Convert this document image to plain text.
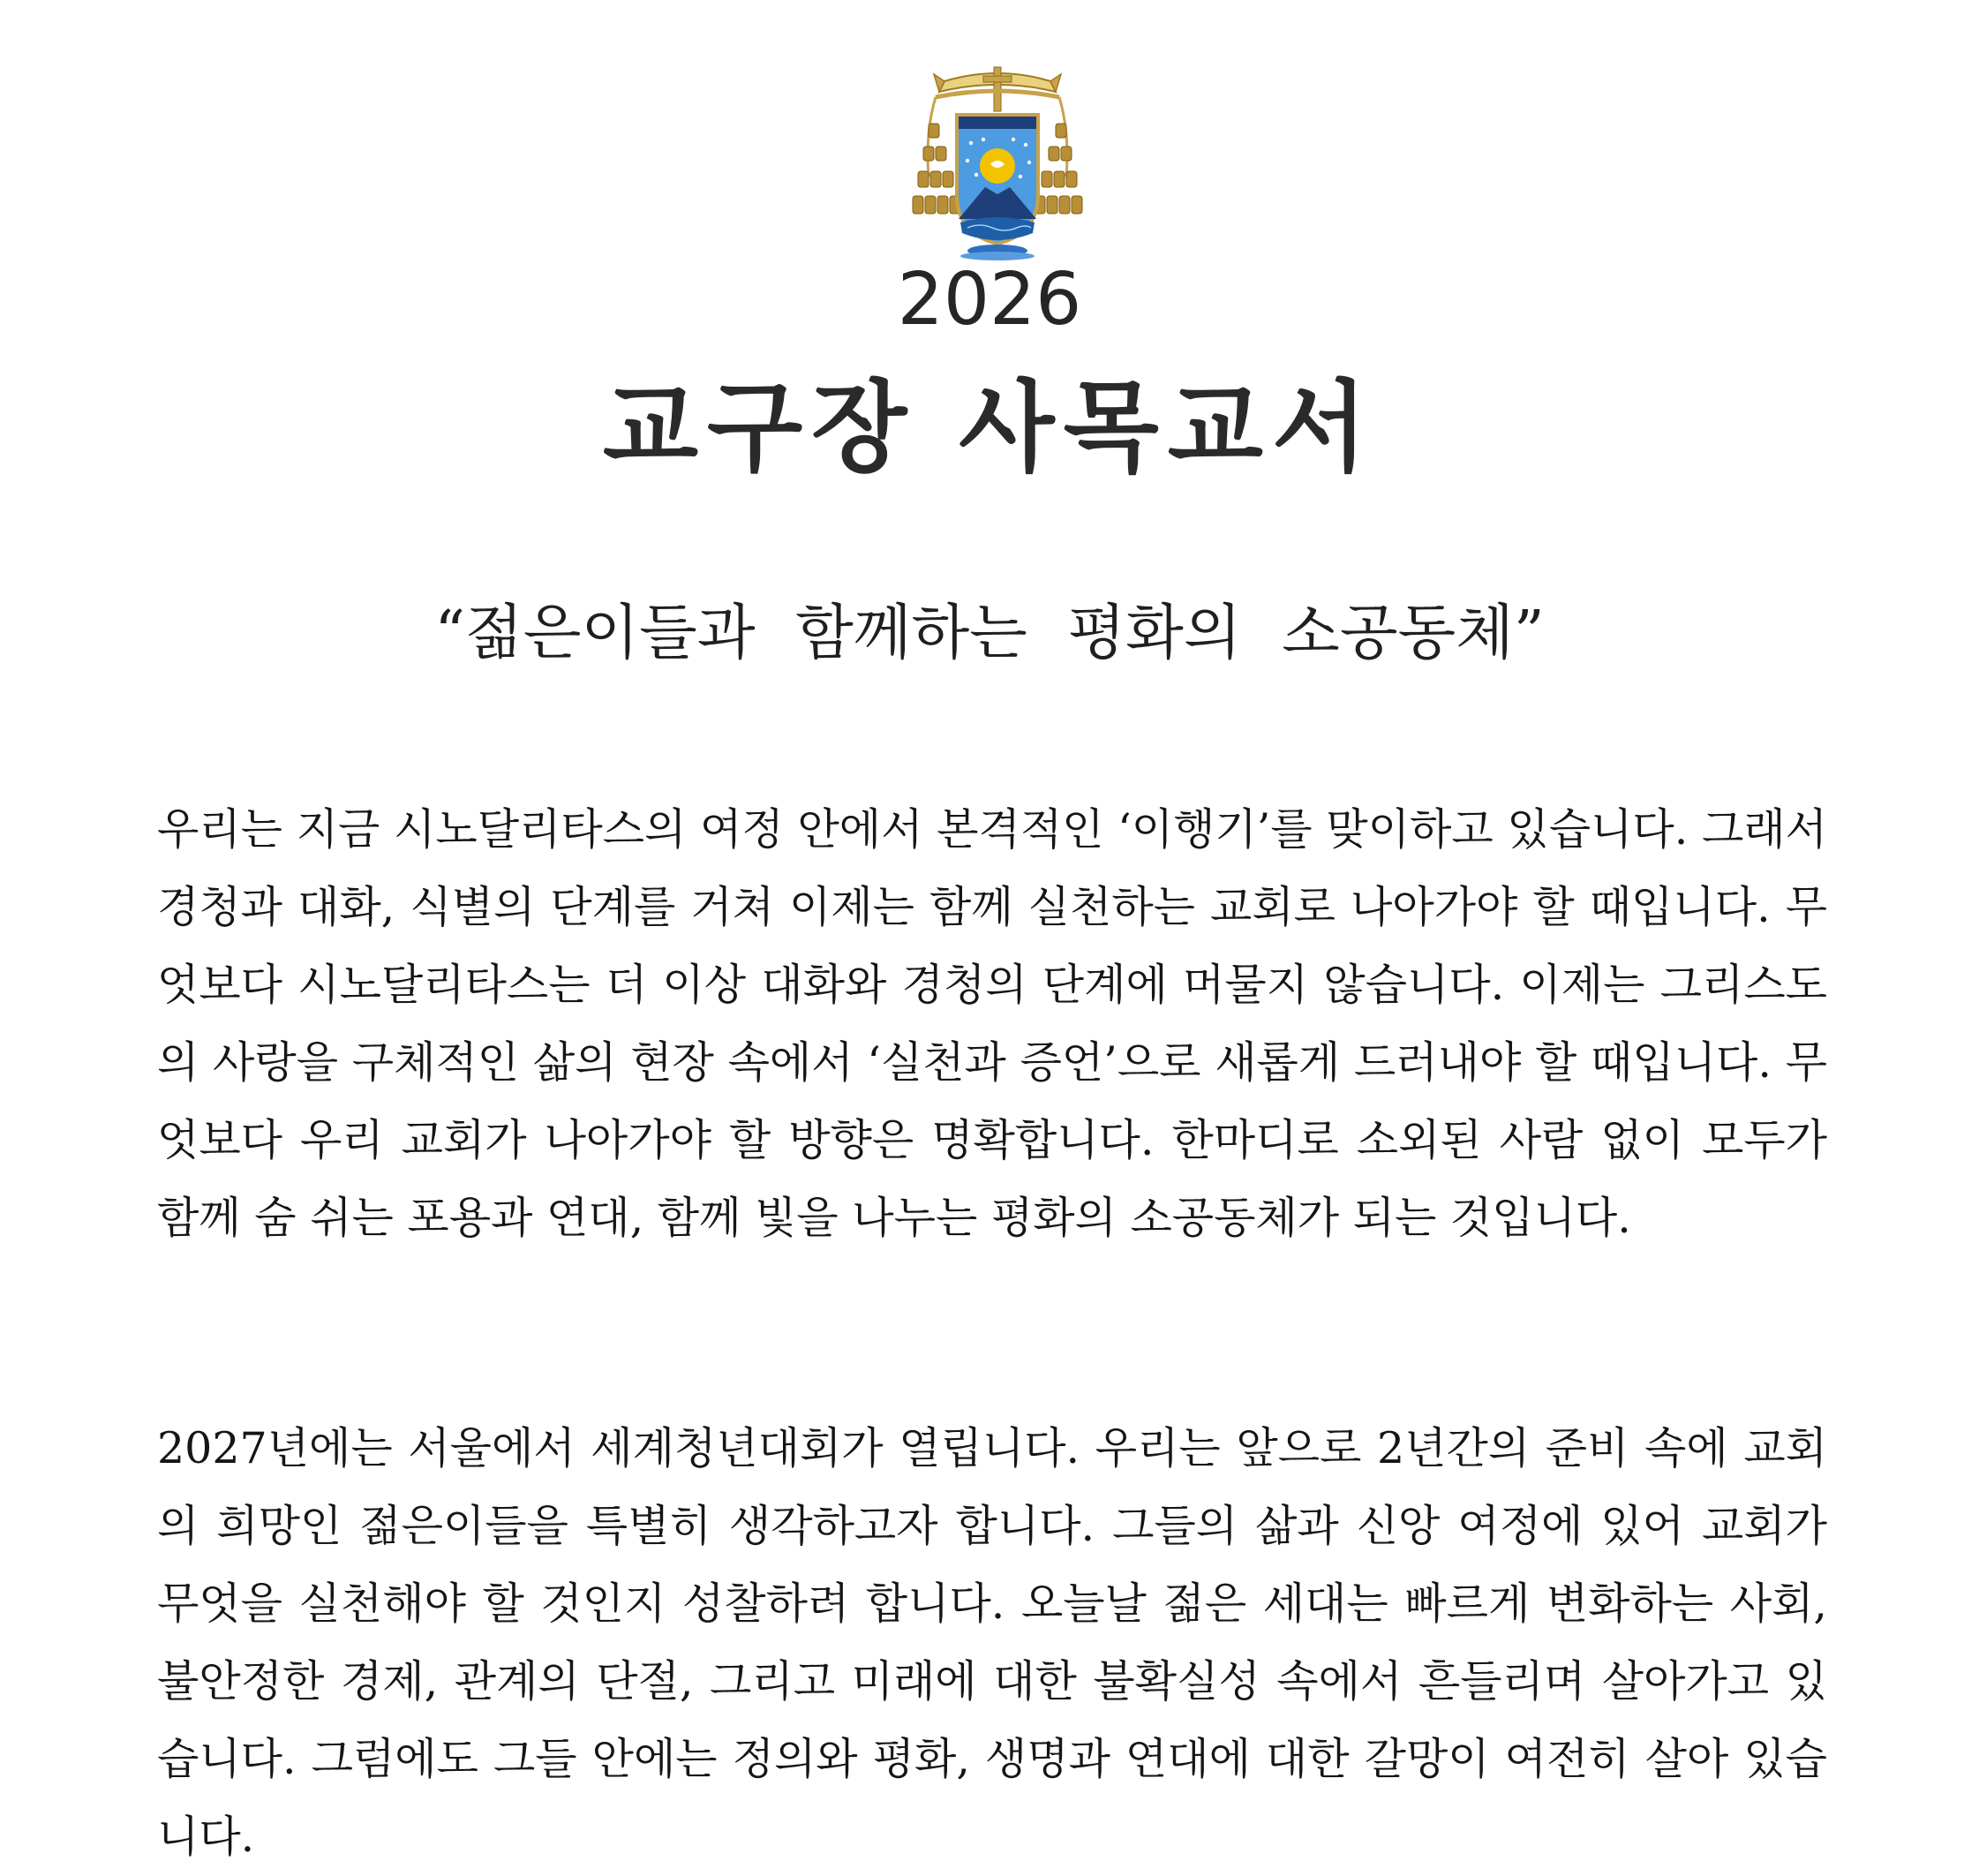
2026
교구장 사목교서
“젊은이들과 함께하는 평화의 소공동체”

우리는 지금 시노달리타스의 여정 안에서 본격적인 ‘이행기’를 맞이하고 있습니다. 그래서 경청과 대화, 식별의 단계를 거쳐 이제는 함께 실천하는 교회로 나아가야 할 때입니다. 무엇보다 시노달리타스는 더 이상 대화와 경청의 단계에 머물지 않습니다. 이제는 그리스도의 사랑을 구체적인 삶의 현장 속에서 ‘실천과 증언’으로 새롭게 드러내야 할 때입니다. 무엇보다 우리 교회가 나아가야 할 방향은 명확합니다. 한마디로 소외된 사람 없이 모두가 함께 숨 쉬는 포용과 연대, 함께 빛을 나누는 평화의 소공동체가 되는 것입니다.

2027년에는 서울에서 세계청년대회가 열립니다. 우리는 앞으로 2년간의 준비 속에 교회의 희망인 젊은이들을 특별히 생각하고자 합니다. 그들의 삶과 신앙 여정에 있어 교회가 무엇을 실천해야 할 것인지 성찰하려 합니다. 오늘날 젊은 세대는 빠르게 변화하는 사회, 불안정한 경제, 관계의 단절, 그리고 미래에 대한 불확실성 속에서 흔들리며 살아가고 있습니다. 그럼에도 그들 안에는 정의와 평화, 생명과 연대에 대한 갈망이 여전히 살아 있습니다.
